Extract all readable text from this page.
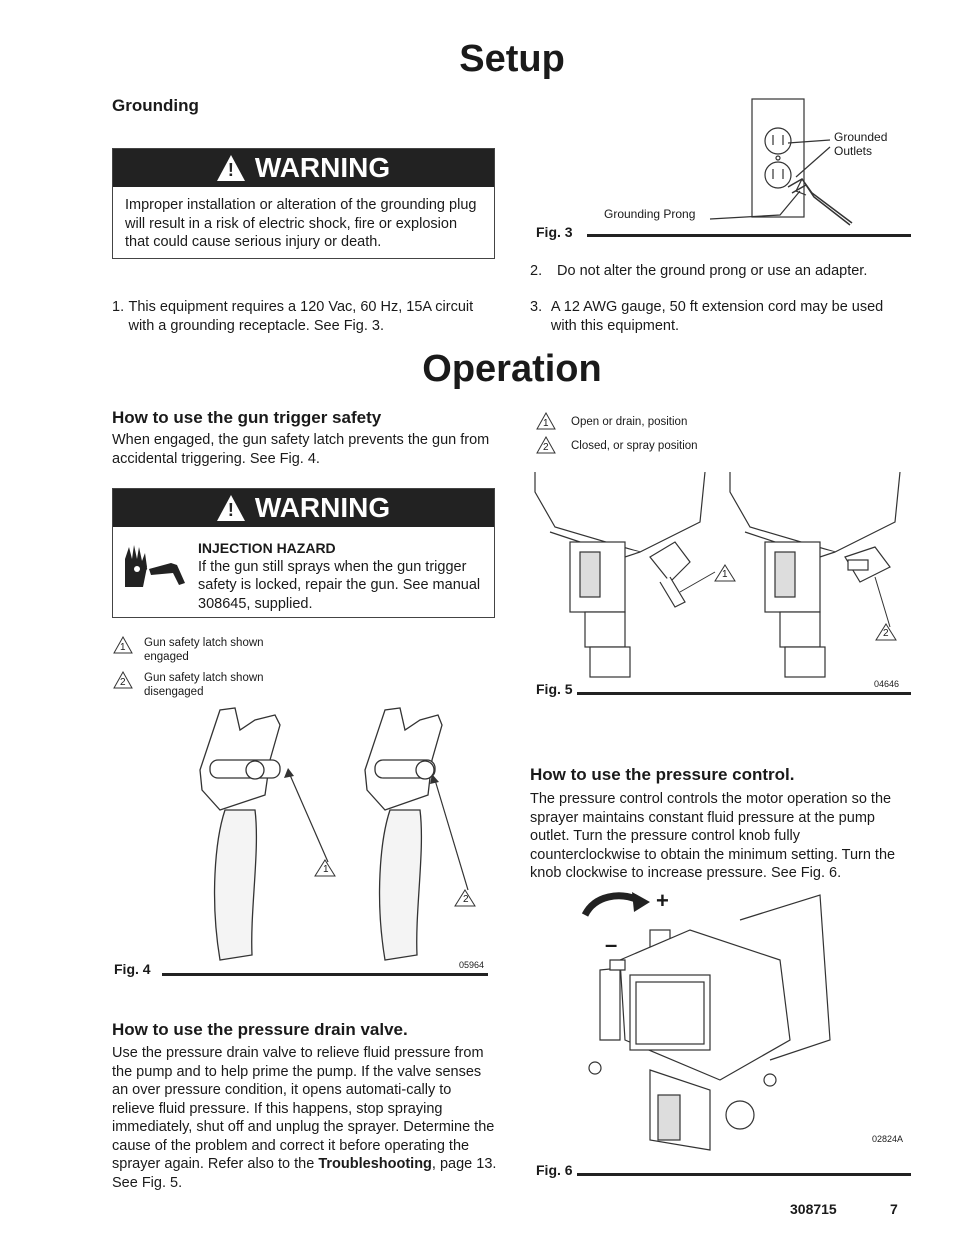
Setup
Grounding
! WARNING
Improper installation or alteration of the grounding plug will result in a risk of electric shock, fire or explosion that could cause serious injury or death.
Grounded Outlets
Grounding Prong
Fig. 3
2.	Do not alter the ground prong or use an adapter.
3. A 12 AWG gauge, 50 ft extension cord may be used with this equipment.
1. This equipment requires a 120 Vac, 60 Hz, 15A circuit with a grounding receptacle. See Fig. 3.
Operation
How to use the gun trigger safety
When engaged, the gun safety latch prevents the gun from accidental triggering. See Fig. 4.
! WARNING
INJECTION HAZARD
If the gun still sprays when the gun trigger safety is locked, repair the gun. See manual 308645, supplied.
1 Gun safety latch shown engaged
2 Gun safety latch shown disengaged
1
2
05964
Fig. 4
How to use the pressure drain valve.
Use the pressure drain valve to relieve fluid pressure from the pump and to help prime the pump. If the valve senses an over pressure condition, it opens automati-cally to relieve fluid pressure. If this happens, stop spraying immediately, shut off and unplug the sprayer. Determine the cause of the problem and correct it before operating the sprayer again. Refer also to the Troubleshooting, page 13. See Fig. 5.
1 Open or drain, position
2 Closed, or spray position
1
2
04646
Fig. 5
How to use the pressure control.
The pressure control controls the motor operation so the sprayer maintains constant fluid pressure at the pump outlet. Turn the pressure control knob fully counterclockwise to obtain the minimum setting. Turn the knob clockwise to increase pressure. See Fig. 6.
+
–
02824A
Fig. 6
308715	7
